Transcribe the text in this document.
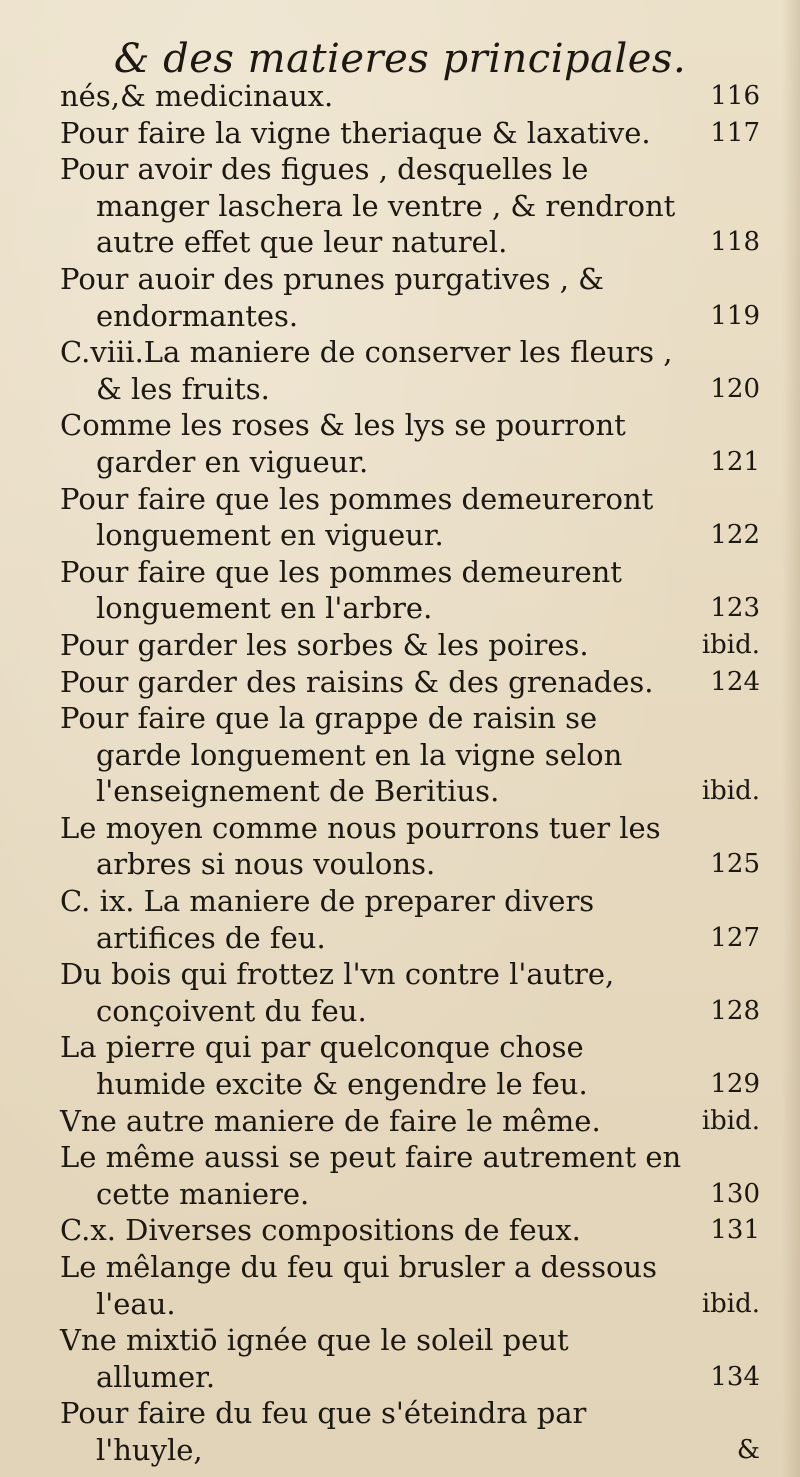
& des matieres principales.
nés,& medicinaux.	116
Pour faire la vigne theriaque & laxative.	117
Pour avoir des figues , desquelles le manger laschera le ventre , & rendront autre effet que leur naturel.	118
Pour auoir des prunes purgatives , & endormantes.	119
C.viii.La maniere de conserver les fleurs , & les fruits.	120
Comme les roses & les lys se pourront garder en vigueur.	121
Pour faire que les pommes demeureront longuement en vigueur.	122
Pour faire que les pommes demeurent longuement en l'arbre.	123
Pour garder les sorbes & les poires.	ibid.
Pour garder des raisins & des grenades.	124
Pour faire que la grappe de raisin se garde longuement en la vigne selon l'enseignement de Beritius.	ibid.
Le moyen comme nous pourrons tuer les arbres si nous voulons.	125
C. ix. La maniere de preparer divers artifices de feu.	127
Du bois qui frottez l'vn contre l'autre, conçoivent du feu.	128
La pierre qui par quelconque chose humide excite & engendre le feu.	129
Vne autre maniere de faire le même.	ibid.
Le même aussi se peut faire autrement en cette maniere.	130
C.x. Diverses compositions de feux.	131
Le mêlange du feu qui brusler a dessous l'eau.	ibid.
Vne mixtiō ignée que le soleil peut allumer.	134
Pour faire du feu que s'éteindra par l'huyle,	&
